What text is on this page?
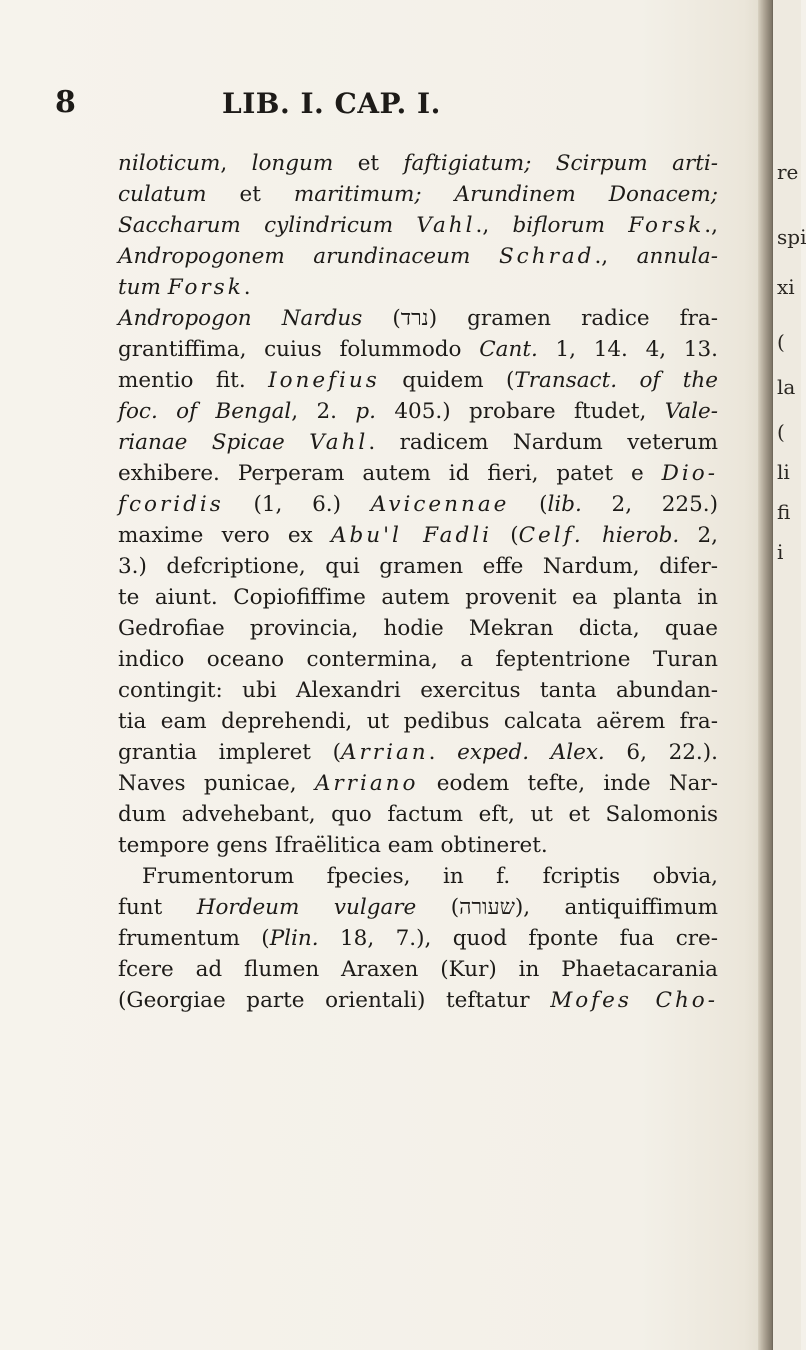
8	LIB. I. CAP. I.
niloticum, longum et faftigiatum; Scirpum arti-
culatum et maritimum; Arundinem Donacem;
Saccharum cylindricum Vahl., biflorum Forsk.,
Andropogonem arundinaceum Schrad., annula-
tum Forsk.
Andropogon Nardus (נרד) gramen radice fra-
grantiffima, cuius folummodo Cant. 1, 14. 4, 13.
mentio fit. Ionefius quidem (Transact. of the
foc. of Bengal, 2. p. 405.) probare ftudet, Vale-
rianae Spicae Vahl. radicem Nardum veterum
exhibere. Perperam autem id fieri, patet e Dio-
fcoridis (1, 6.) Avicennae (lib. 2, 225.)
maxime vero ex Abu'l Fadli (Celf. hierob. 2,
3.) defcriptione, qui gramen effe Nardum, difer-
te aiunt. Copiofiffime autem provenit ea planta in
Gedrofiae provincia, hodie Mekran dicta, quae
indico oceano contermina, a feptentrione Turan
contingit: ubi Alexandri exercitus tanta abundan-
tia eam deprehendi, ut pedibus calcata aërem fra-
grantia impleret (Arrian. exped. Alex. 6, 22.).
Naves punicae, Arriano eodem tefte, inde Nar-
dum advehebant, quo factum eft, ut et Salomonis
tempore gens Ifraëlitica eam obtineret.
Frumentorum fpecies, in f. fcriptis obvia,
funt Hordeum vulgare (שעורה), antiquiffimum
frumentum (Plin. 18, 7.), quod fponte fua cre-
fcere ad flumen Araxen (Kur) in Phaetacarania
(Georgiae parte orientali) teftatur Mofes Cho-
re
spi
xi
(
la
(
li
fi
i
